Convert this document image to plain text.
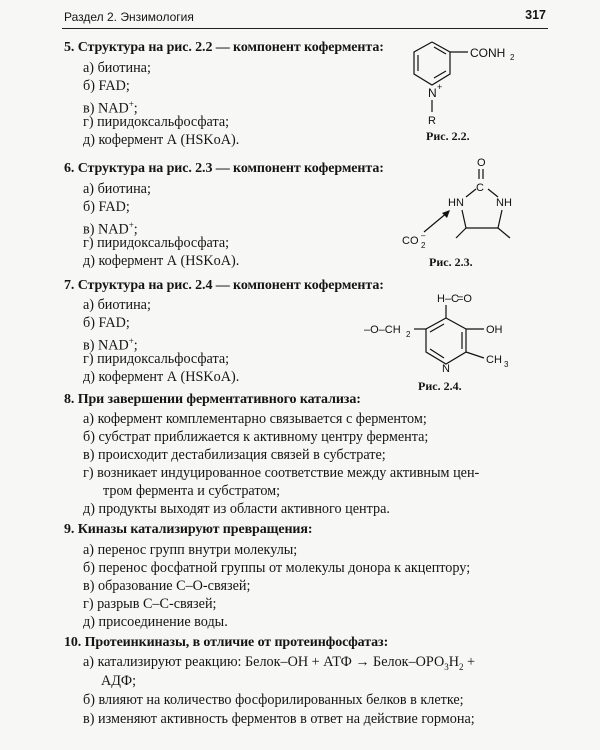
Раздел 2. Энзимология	317
5. Структура на рис. 2.2 — компонент кофермента:
а) биотина;
б) FAD;
в) NAD+;
г) пиридоксальфосфата;
д) кофермент А (HSKoA).
CONH 2
N +
R
Рис. 2.2.
6. Структура на рис. 2.3 — компонент кофермента:
а) биотина;
б) FAD;
в) NAD+;
г) пиридоксальфосфата;
д) кофермент А (HSKoA).
O
C
HN	NH
CO 2
–
Рис. 2.3.
7. Структура на рис. 2.4 — компонент кофермента:
а) биотина;
б) FAD;
в) NAD+;
г) пиридоксальфосфата;
д) кофермент А (HSKoA).
H–C
=O
OH
CH 3
–O–CH 2
N
Рис. 2.4.
8. При завершении ферментативного катализа:
а) кофермент комплементарно связывается с ферментом;
б) субстрат приближается к активному центру фермента;
в) происходит дестабилизация связей в субстрате;
г) возникает индуцированное соответствие между активным цен-
тром фермента и субстратом;
д) продукты выходят из области активного центра.
9. Киназы катализируют превращения:
а) перенос групп внутри молекулы;
б) перенос фосфатной группы от молекулы донора к акцептору;
в) образование С–О-связей;
г) разрыв С–С-связей;
д) присоединение воды.
10. Протеинкиназы, в отличие от протеинфосфатаз:
а) катализируют реакцию: Белок–ОН + АТФ → Белок–$ОРО_3Н_2$ +
АДФ;
б) влияют на количество фосфорилированных белков в клетке;
в) изменяют активность ферментов в ответ на действие гормона;
